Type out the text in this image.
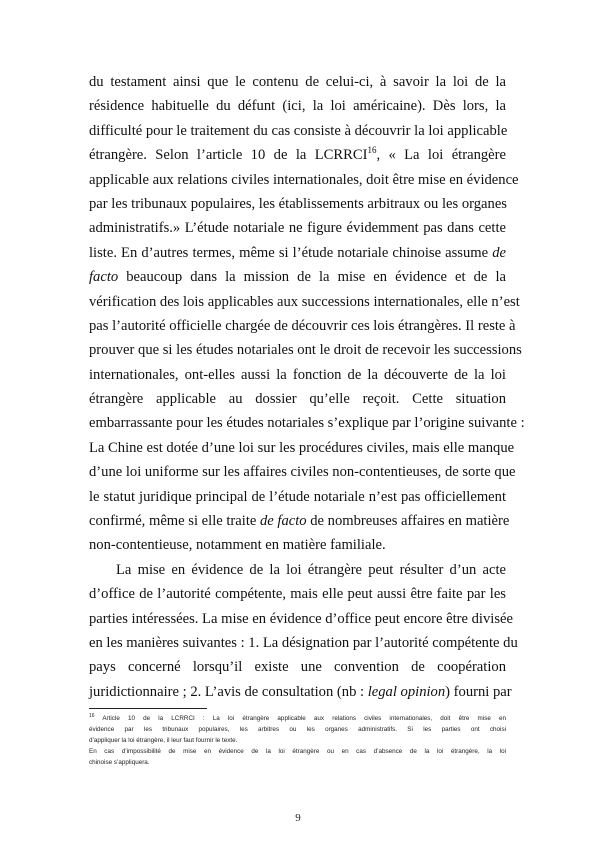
du testament ainsi que le contenu de celui-ci, à savoir la loi de la
résidence habituelle du défunt (ici, la loi américaine). Dès lors, la
difficulté pour le traitement du cas consiste à découvrir la loi applicable
étrangère. Selon l’article 10 de la LCRRCI$^{16}$, « La loi étrangère
applicable aux relations civiles internationales, doit être mise en évidence
par les tribunaux populaires, les établissements arbitraux ou les organes
administratifs.» L’étude notariale ne figure évidemment pas dans cette
liste. En d’autres termes, même si l’étude notariale chinoise assume de
facto beaucoup dans la mission de la mise en évidence et de la
vérification des lois applicables aux successions internationales, elle n’est
pas l’autorité officielle chargée de découvrir ces lois étrangères. Il reste à
prouver que si les études notariales ont le droit de recevoir les successions
internationales, ont-elles aussi la fonction de la découverte de la loi
étrangère applicable au dossier qu’elle reçoit. Cette situation
embarrassante pour les études notariales s’explique par l’origine suivante :
La Chine est dotée d’une loi sur les procédures civiles, mais elle manque
d’une loi uniforme sur les affaires civiles non-contentieuses, de sorte que
le statut juridique principal de l’étude notariale n’est pas officiellement
confirmé, même si elle traite de facto de nombreuses affaires en matière
non-contentieuse, notamment en matière familiale.
La mise en évidence de la loi étrangère peut résulter d’un acte
d’office de l’autorité compétente, mais elle peut aussi être faite par les
parties intéressées. La mise en évidence d’office peut encore être divisée
en les manières suivantes : 1. La désignation par l’autorité compétente du
pays concerné lorsqu’il existe une convention de coopération
juridictionnaire ; 2. L’avis de consultation (nb : legal opinion) fourni par
$^{16}$ Article 10 de la LCRRCI : La loi étrangère applicable aux relations civiles internationales, doit être mise en
évidence par les tribunaux populaires, les arbitres ou les organes administratifs. Si les parties ont choisi
d’appliquer la loi étrangère, il leur faut fournir le texte.
En cas d’impossibilité de mise en évidence de la loi étrangère ou en cas d’absence de la loi étrangère, la loi
chinoise s’appliquera.
9
